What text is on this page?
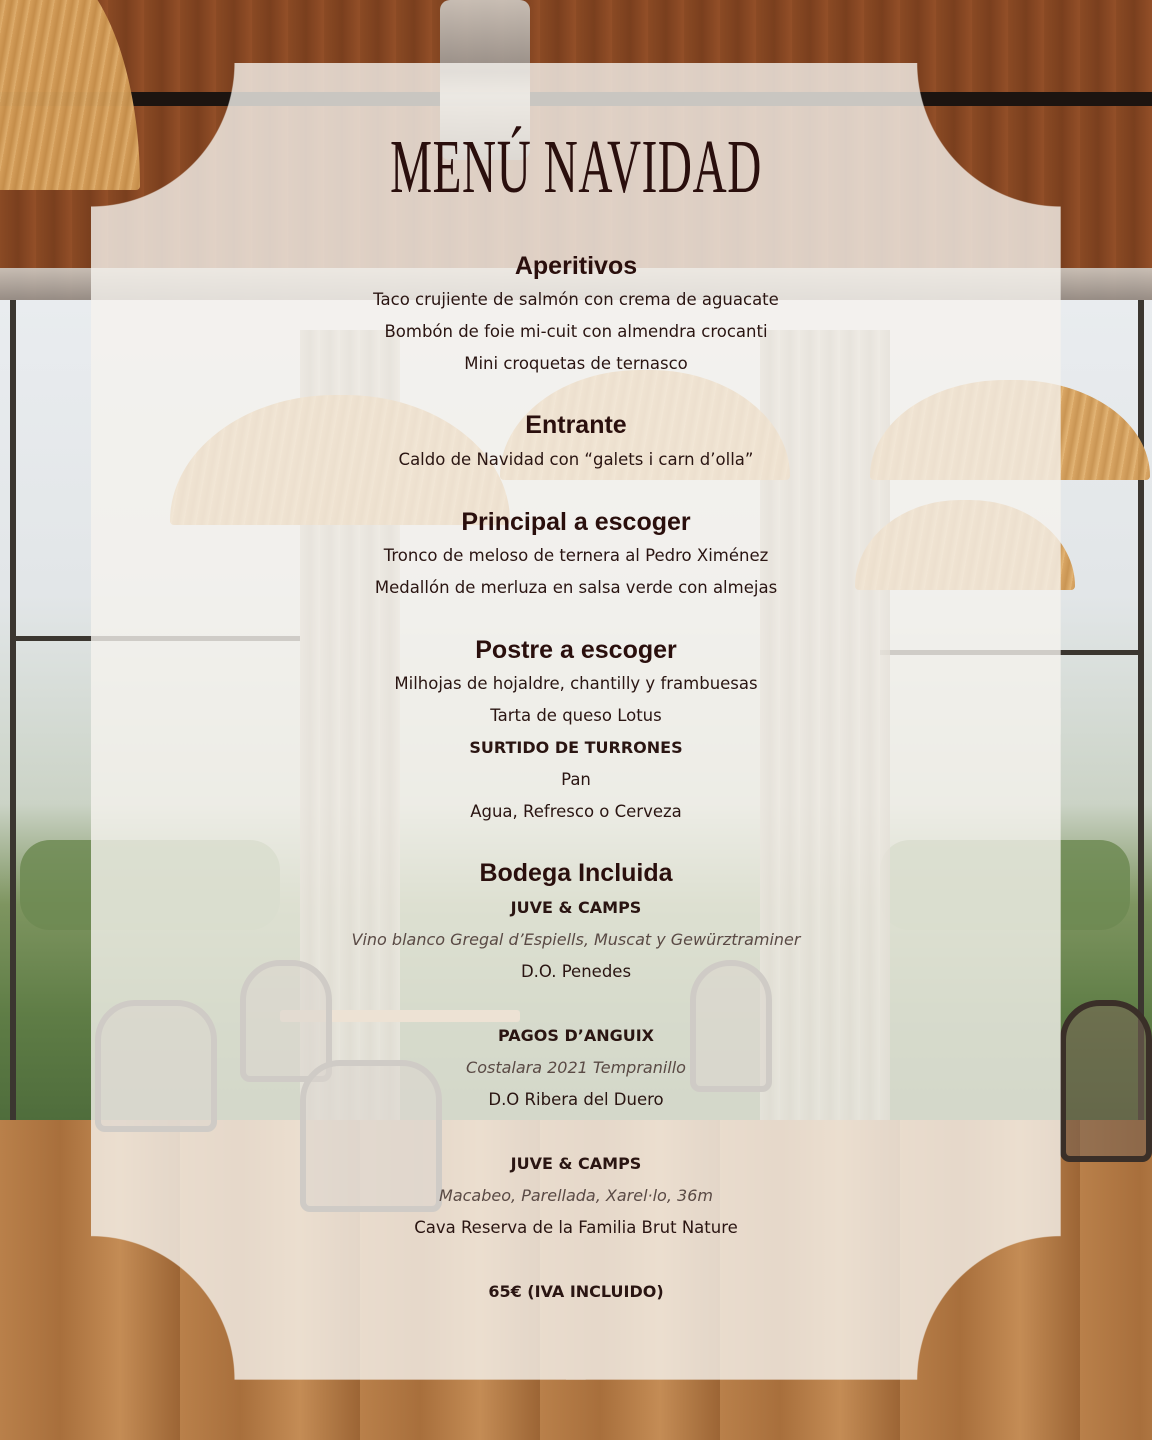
MENÚ NAVIDAD
Aperitivos
Taco crujiente de salmón con crema de aguacate
Bombón de foie mi-cuit con almendra crocanti
Mini croquetas de ternasco
Entrante
Caldo de Navidad con “galets i carn d’olla”
Principal a escoger
Tronco de meloso de ternera al Pedro Ximénez
Medallón de merluza en salsa verde con almejas
Postre a escoger
Milhojas de hojaldre, chantilly y frambuesas
Tarta de queso Lotus
SURTIDO DE TURRONES
Pan
Agua, Refresco o Cerveza
Bodega Incluida
JUVE & CAMPS
Vino blanco Gregal d’Espiells, Muscat y Gewürztraminer
D.O. Penedes
PAGOS D’ANGUIX
Costalara 2021 Tempranillo
D.O Ribera del Duero
JUVE & CAMPS
Macabeo, Parellada, Xarel·lo, 36m
Cava Reserva de la Familia Brut Nature
65€ (IVA INCLUIDO)
